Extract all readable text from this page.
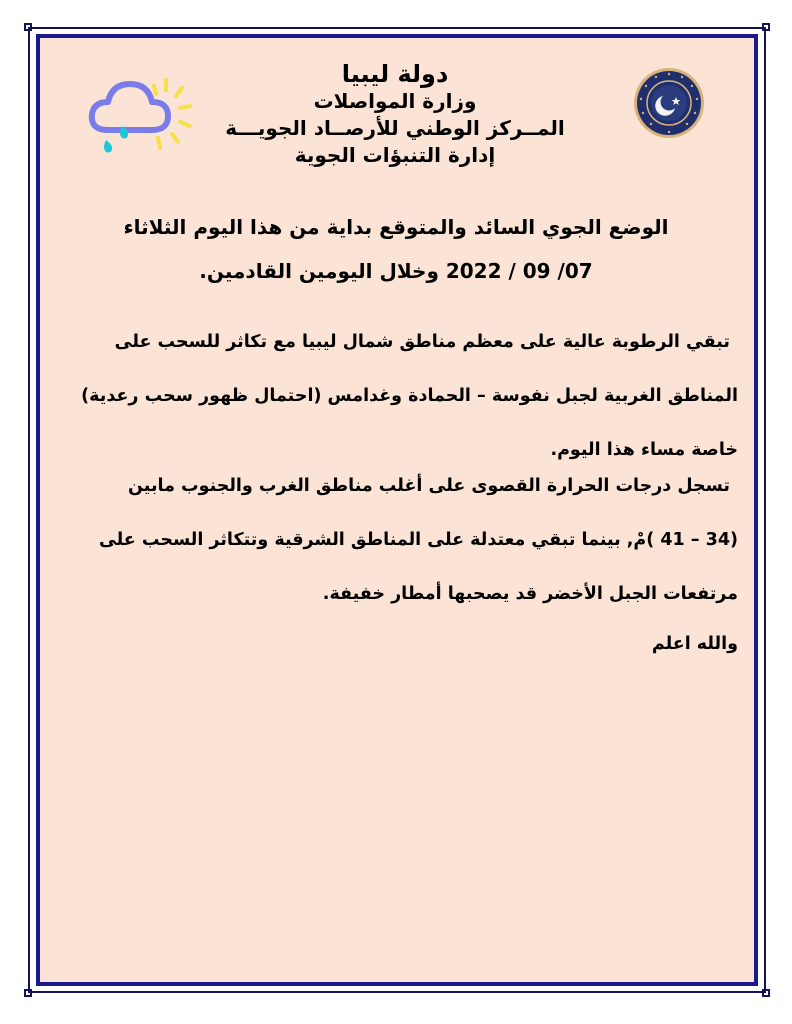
دولة ليبيا
وزارة المواصلات
المــركز الوطني للأرصــاد الجويـــة
إدارة التنبؤات الجوية
الوضع الجوي السائد والمتوقع بداية من هذا اليوم الثلاثاء
07/ 09 / 2022 وخلال اليومين القادمين.

تبقي الرطوبة عالية على معظم مناطق شمال ليبيا مع تكاثر للسحب على

المناطق الغربية لجبل نفوسة – الحمادة وغدامس (احتمال ظهور سحب رعدية)

خاصة مساء هذا اليوم.

تسجل درجات الحرارة القصوى على أغلب مناطق الغرب والجنوب مابين

(34 – 41 )مْ, بينما تبقي معتدلة على المناطق الشرقية وتتكاثر السحب على

مرتفعات الجبل الأخضر قد يصحبها أمطار خفيفة.

والله اعلم
